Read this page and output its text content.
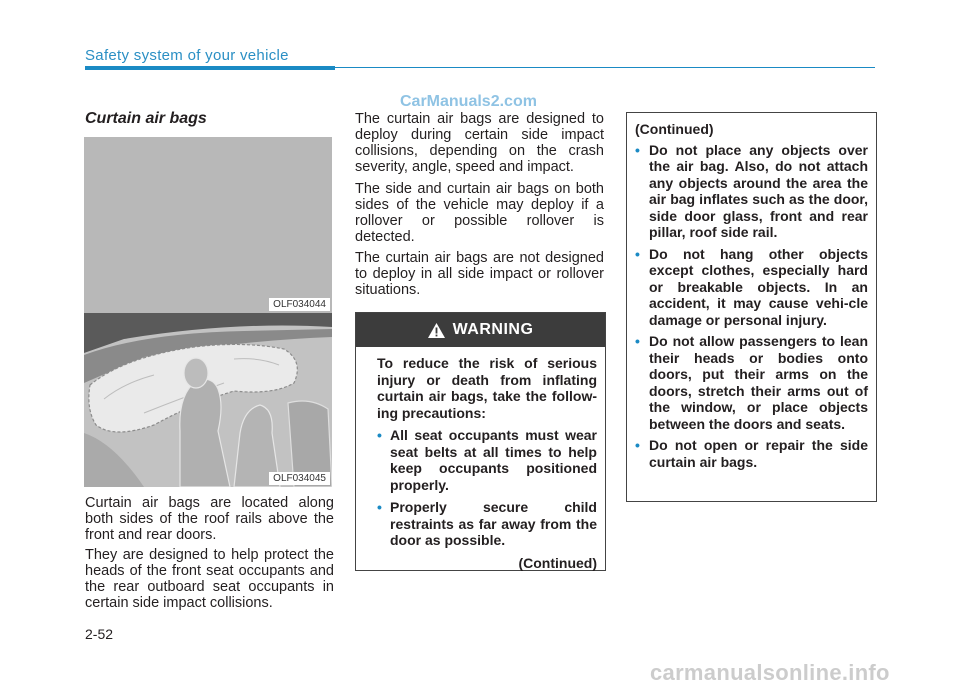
Safety system of your vehicle
CarManuals2.com
Curtain air bags
OLF034044
OLF034045

Curtain air bags are located along both sides of the roof rails above the front and rear doors.

They are designed to help protect the heads of the front seat occupants and the rear outboard seat occupants in certain side impact collisions.

The curtain air bags are designed to deploy during certain side impact collisions, depending on the crash severity, angle, speed and impact.

The side and curtain air bags on both sides of the vehicle may deploy if a rollover or possible rollover is detected.

The curtain air bags are not designed to deploy in all side impact or rollover situations.

WARNING

To reduce the risk of serious injury or death from inflating curtain air bags, take the follow-ing precautions:

• All seat occupants must wear seat belts at all times to help keep occupants positioned properly.
• Properly secure child restraints as far away from the door as possible.
(Continued)

(Continued)

• Do not place any objects over the air bag. Also, do not attach any objects around the area the air bag inflates such as the door, side door glass, front and rear pillar, roof side rail.
• Do not hang other objects except clothes, especially hard or breakable objects. In an accident, it may cause vehi-cle damage or personal injury.
• Do not allow passengers to lean their heads or bodies onto doors, put their arms on the doors, stretch their arms out of the window, or place objects between the doors and seats.
• Do not open or repair the side curtain air bags.
2-52
carmanualsonline.info
